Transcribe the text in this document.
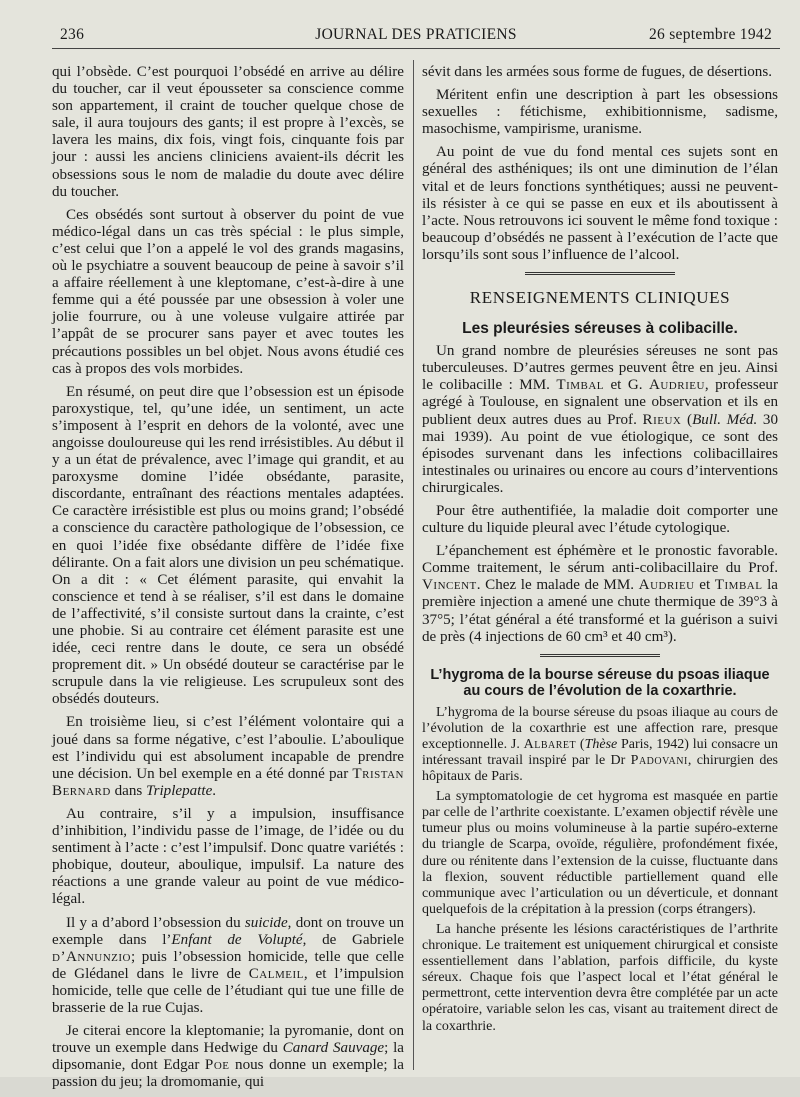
236	JOURNAL DES PRATICIENS	26 septembre 1942

qui l’obsède. C’est pourquoi l’obsédé en arrive au délire du toucher, car il veut épousseter sa conscience comme son appartement, il craint de toucher quelque chose de sale, il aura toujours des gants; il est propre à l’excès, se lavera les mains, dix fois, vingt fois, cinquante fois par jour : aussi les anciens cliniciens avaient-ils décrit les obsessions sous le nom de maladie du doute avec délire du toucher.

Ces obsédés sont surtout à observer du point de vue médico-légal dans un cas très spécial : le plus simple, c’est celui que l’on a appelé le vol des grands magasins, où le psychiatre a souvent beaucoup de peine à savoir s’il a affaire réellement à une kleptomane, c’est-à-dire à une femme qui a été poussée par une obsession à voler une jolie fourrure, ou à une voleuse vulgaire attirée par l’appât de se procurer sans payer et avec toutes les précautions possibles un bel objet. Nous avons étudié ces cas à propos des vols morbides.

En résumé, on peut dire que l’obsession est un épisode paroxystique, tel, qu’une idée, un sentiment, un acte s’imposent à l’esprit en dehors de la volonté, avec une angoisse douloureuse qui les rend irrésistibles. Au début il y a un état de prévalence, avec l’image qui grandit, et au paroxysme domine l’idée obsédante, parasite, discordante, entraînant des réactions mentales adaptées. Ce caractère irrésistible est plus ou moins grand; l’obsédé a conscience du caractère pathologique de l’obsession, ce en quoi l’idée fixe obsédante diffère de l’idée fixe délirante. On a fait alors une division un peu schématique. On a dit : « Cet élément parasite, qui envahit la conscience et tend à se réaliser, s’il est dans le domaine de l’affectivité, s’il consiste surtout dans la crainte, c’est une phobie. Si au contraire cet élément parasite est une idée, ceci rentre dans le doute, ce sera un obsédé proprement dit. » Un obsédé douteur se caractérise par le scrupule dans la vie religieuse. Les scrupuleux sont des obsédés douteurs.

En troisième lieu, si c’est l’élément volontaire qui a joué dans sa forme négative, c’est l’aboulie. L’aboulique est l’individu qui est absolument incapable de prendre une décision. Un bel exemple en a été donné par Tristan Bernard dans Triplepatte.

Au contraire, s’il y a impulsion, insuffisance d’inhibition, l’individu passe de l’image, de l’idée ou du sentiment à l’acte : c’est l’impulsif. Donc quatre variétés : phobique, douteur, aboulique, impulsif. La nature des réactions a une grande valeur au point de vue médico-légal.

Il y a d’abord l’obsession du suicide, dont on trouve un exemple dans l’Enfant de Volupté, de Gabriele d’Annunzio; puis l’obsession homicide, telle que celle de Glédanel dans le livre de Calmeil, et l’impulsion homicide, telle que celle de l’étudiant qui tue une fille de brasserie de la rue Cujas.

Je citerai encore la kleptomanie; la pyromanie, dont on trouve un exemple dans Hedwige du Canard Sauvage; la dipsomanie, dont Edgar Poe nous donne un exemple; la passion du jeu; la dromomanie, qui

sévit dans les armées sous forme de fugues, de désertions.

Méritent enfin une description à part les obsessions sexuelles : fétichisme, exhibitionnisme, sadisme, masochisme, vampirisme, uranisme.

Au point de vue du fond mental ces sujets sont en général des asthéniques; ils ont une diminution de l’élan vital et de leurs fonctions synthétiques; aussi ne peuvent-ils résister à ce qui se passe en eux et ils aboutissent à l’acte. Nous retrouvons ici souvent le même fond toxique : beaucoup d’obsédés ne passent à l’exécution de l’acte que lorsqu’ils sont sous l’influence de l’alcool.

RENSEIGNEMENTS CLINIQUES
Les pleurésies séreuses à colibacille.

Un grand nombre de pleurésies séreuses ne sont pas tuberculeuses. D’autres germes peuvent être en jeu. Ainsi le colibacille : MM. Timbal et G. Audrieu, professeur agrégé à Toulouse, en signalent une observation et ils en publient deux autres dues au Prof. Rieux (Bull. Méd. 30 mai 1939). Au point de vue étiologique, ce sont des épisodes survenant dans les infections colibacillaires intestinales ou urinaires ou encore au cours d’interventions chirurgicales.

Pour être authentifiée, la maladie doit comporter une culture du liquide pleural avec l’étude cytologique.

L’épanchement est éphémère et le pronostic favorable. Comme traitement, le sérum anti-colibacillaire du Prof. Vincent. Chez le malade de MM. Audrieu et Timbal la première injection a amené une chute thermique de 39°3 à 37°5; l’état général a été transformé et la guérison a suivi de près (4 injections de 60 cm³ et 40 cm³).

L’hygroma de la bourse séreuse du psoas iliaque au cours de l’évolution de la coxarthrie.

L’hygroma de la bourse séreuse du psoas iliaque au cours de l’évolution de la coxarthrie est une affection rare, presque exceptionnelle. J. Albaret (Thèse Paris, 1942) lui consacre un intéressant travail inspiré par le Dr Padovani, chirurgien des hôpitaux de Paris.

La symptomatologie de cet hygroma est masquée en partie par celle de l’arthrite coexistante. L’examen objectif révèle une tumeur plus ou moins volumineuse à la partie supéro-externe du triangle de Scarpa, ovoïde, régulière, profondément fixée, dure ou rénitente dans l’extension de la cuisse, fluctuante dans la flexion, souvent réductible partiellement quand elle communique avec l’articulation ou un déverticule, et donnant quelquefois de la crépitation à la pression (corps étrangers).

La hanche présente les lésions caractéristiques de l’arthrite chronique. Le traitement est uniquement chirurgical et consiste essentiellement dans l’ablation, parfois difficile, du kyste séreux. Chaque fois que l’aspect local et l’état général le permettront, cette intervention devra être complétée par un acte opératoire, variable selon les cas, visant au traitement direct de la coxarthrie.
